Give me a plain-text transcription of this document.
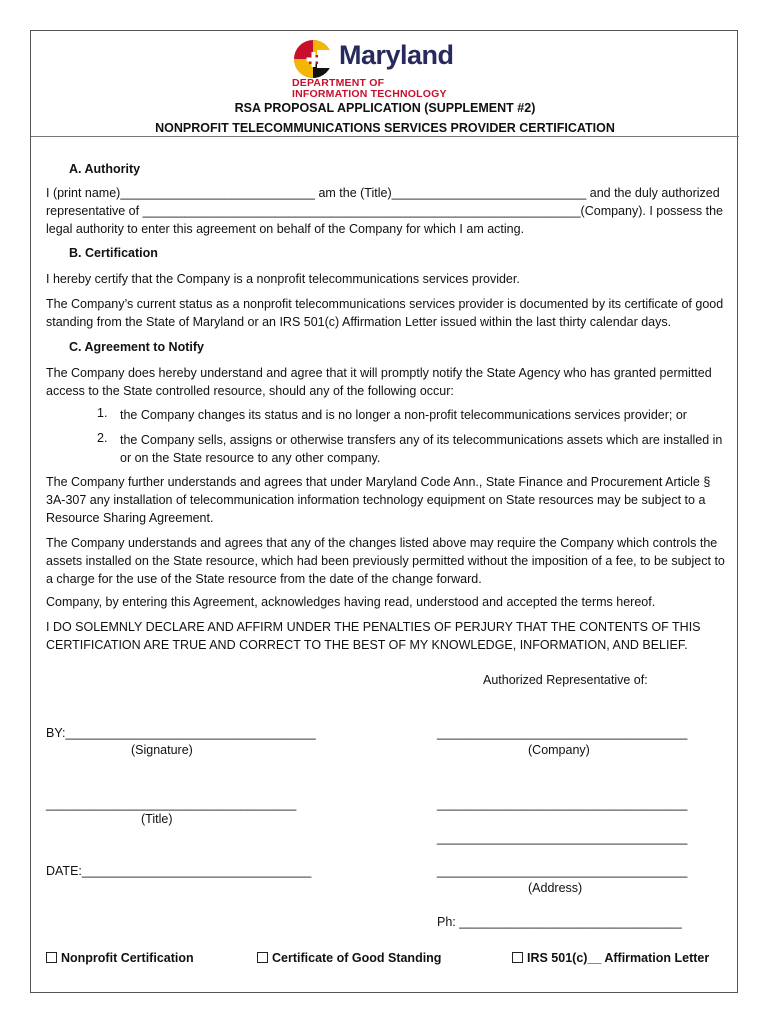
Maryland
DEPARTMENT OF
INFORMATION TECHNOLOGY
RSA PROPOSAL APPLICATION (SUPPLEMENT #2)
NONPROFIT TELECOMMUNICATIONS SERVICES PROVIDER CERTIFICATION
A. Authority
I (print name)____________________________ am the (Title)____________________________ and the duly authorized
representative of _______________________________________________________________(Company). I possess the
legal authority to enter this agreement on behalf of the Company for which I am acting.
B. Certification
I hereby certify that the Company is a nonprofit telecommunications services provider.
The Company’s current status as a nonprofit telecommunications services provider is documented by its certificate of good standing from the State of Maryland or an IRS 501(c) Affirmation Letter issued within the last thirty calendar days.
C. Agreement to Notify
The Company does hereby understand and agree that it will promptly notify the State Agency who has granted permitted access to the State controlled resource, should any of the following occur:
1. the Company changes its status and is no longer a non-profit telecommunications services provider; or
2. the Company sells, assigns or otherwise transfers any of its telecommunications assets which are installed in or on the State resource to any other company.
The Company further understands and agrees that under Maryland Code Ann., State Finance and Procurement Article § 3A-307 any installation of telecommunication information technology equipment on State resources may be subject to a Resource Sharing Agreement.
The Company understands and agrees that any of the changes listed above may require the Company which controls the assets installed on the State resource, which had been previously permitted without the imposition of a fee, to be subject to a charge for the use of the State resource from the date of the change forward.
Company, by entering this Agreement, acknowledges having read, understood and accepted the terms hereof.
I DO SOLEMNLY DECLARE AND AFFIRM UNDER THE PENALTIES OF PERJURY THAT THE CONTENTS OF THIS CERTIFICATION ARE TRUE AND CORRECT TO THE BEST OF MY KNOWLEDGE, INFORMATION, AND BELIEF.
Authorized Representative of:
BY:____________________________________
(Signature)
____________________________________
(Company)
____________________________________
(Title)
____________________________________
____________________________________
DATE:_________________________________	____________________________________
(Address)
Ph: ________________________________
Nonprofit Certification	Certificate of Good Standing	IRS 501(c)__ Affirmation Letter
